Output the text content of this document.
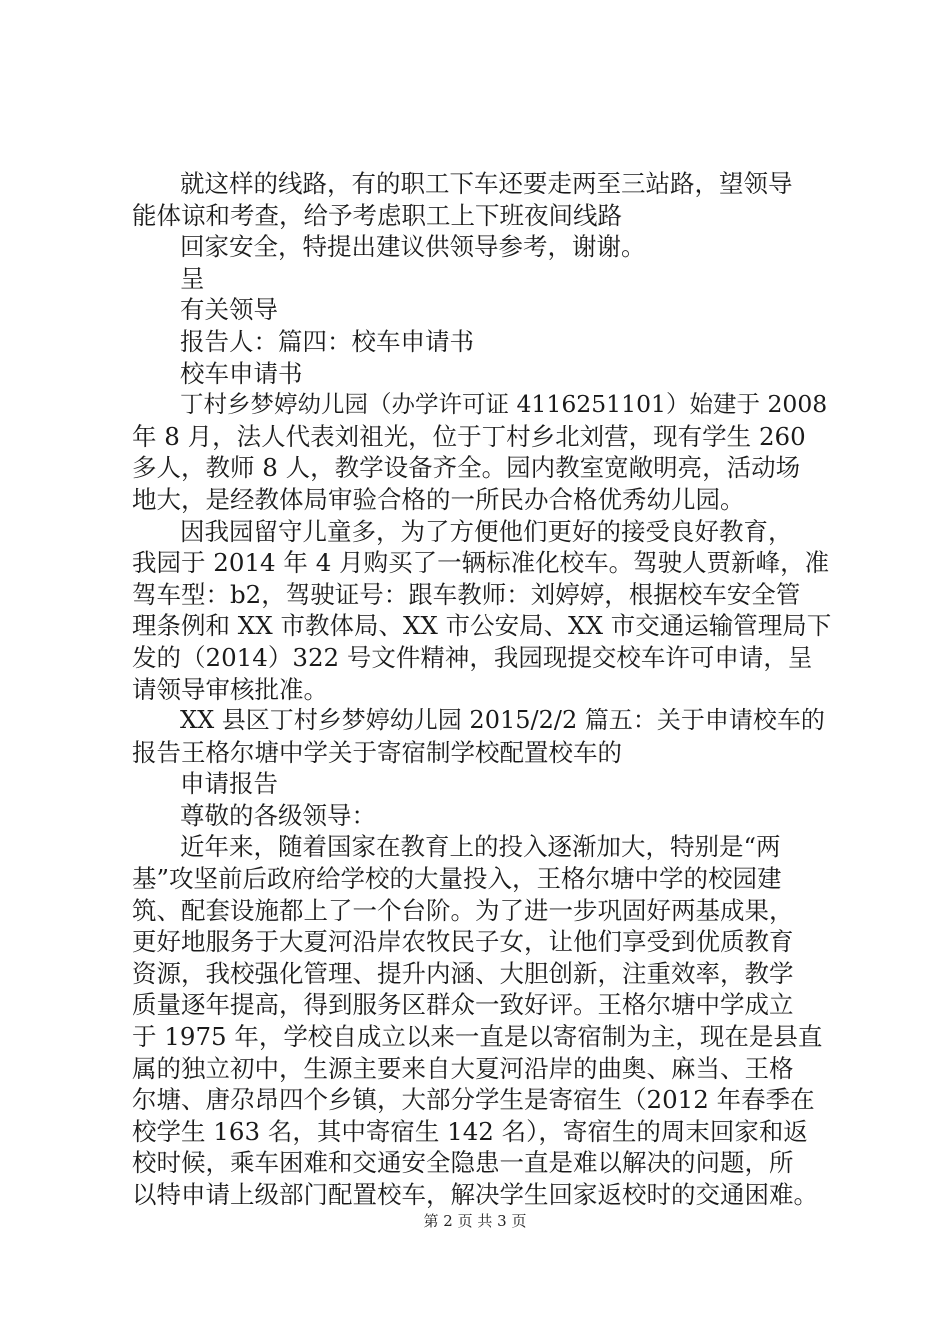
就这样的线路，有的职工下车还要走两至三站路，望领导
能体谅和考查，给予考虑职工上下班夜间线路
回家安全，特提出建议供领导参考，谢谢。
呈
有关领导
报告人：篇四：校车申请书
校车申请书
丁村乡梦婷幼儿园（办学许可证 4116251101）始建于 2008
年 8 月，法人代表刘祖光，位于丁村乡北刘营，现有学生 260
多人，教师 8 人，教学设备齐全。园内教室宽敞明亮，活动场
地大，是经教体局审验合格的一所民办合格优秀幼儿园。
因我园留守儿童多，为了方便他们更好的接受良好教育，
我园于 2014 年 4 月购买了一辆标准化校车。驾驶人贾新峰，准
驾车型：b2，驾驶证号：跟车教师：刘婷婷，根据校车安全管
理条例和 XX 市教体局、XX 市公安局、XX 市交通运输管理局下
发的（2014）322 号文件精神，我园现提交校车许可申请，呈
请领导审核批准。
XX 县区丁村乡梦婷幼儿园 2015/2/2 篇五：关于申请校车的
报告王格尔塘中学关于寄宿制学校配置校车的
申请报告
尊敬的各级领导：
近年来，随着国家在教育上的投入逐渐加大，特别是“两
基”攻坚前后政府给学校的大量投入，王格尔塘中学的校园建
筑、配套设施都上了一个台阶。为了进一步巩固好两基成果，
更好地服务于大夏河沿岸农牧民子女，让他们享受到优质教育
资源，我校强化管理、提升内涵、大胆创新，注重效率，教学
质量逐年提高，得到服务区群众一致好评。王格尔塘中学成立
于 1975 年，学校自成立以来一直是以寄宿制为主，现在是县直
属的独立初中，生源主要来自大夏河沿岸的曲奥、麻当、王格
尔塘、唐尕昂四个乡镇，大部分学生是寄宿生（2012 年春季在
校学生 163 名，其中寄宿生 142 名），寄宿生的周末回家和返
校时候，乘车困难和交通安全隐患一直是难以解决的问题，所
以特申请上级部门配置校车，解决学生回家返校时的交通困难。
第 2 页 共 3 页
